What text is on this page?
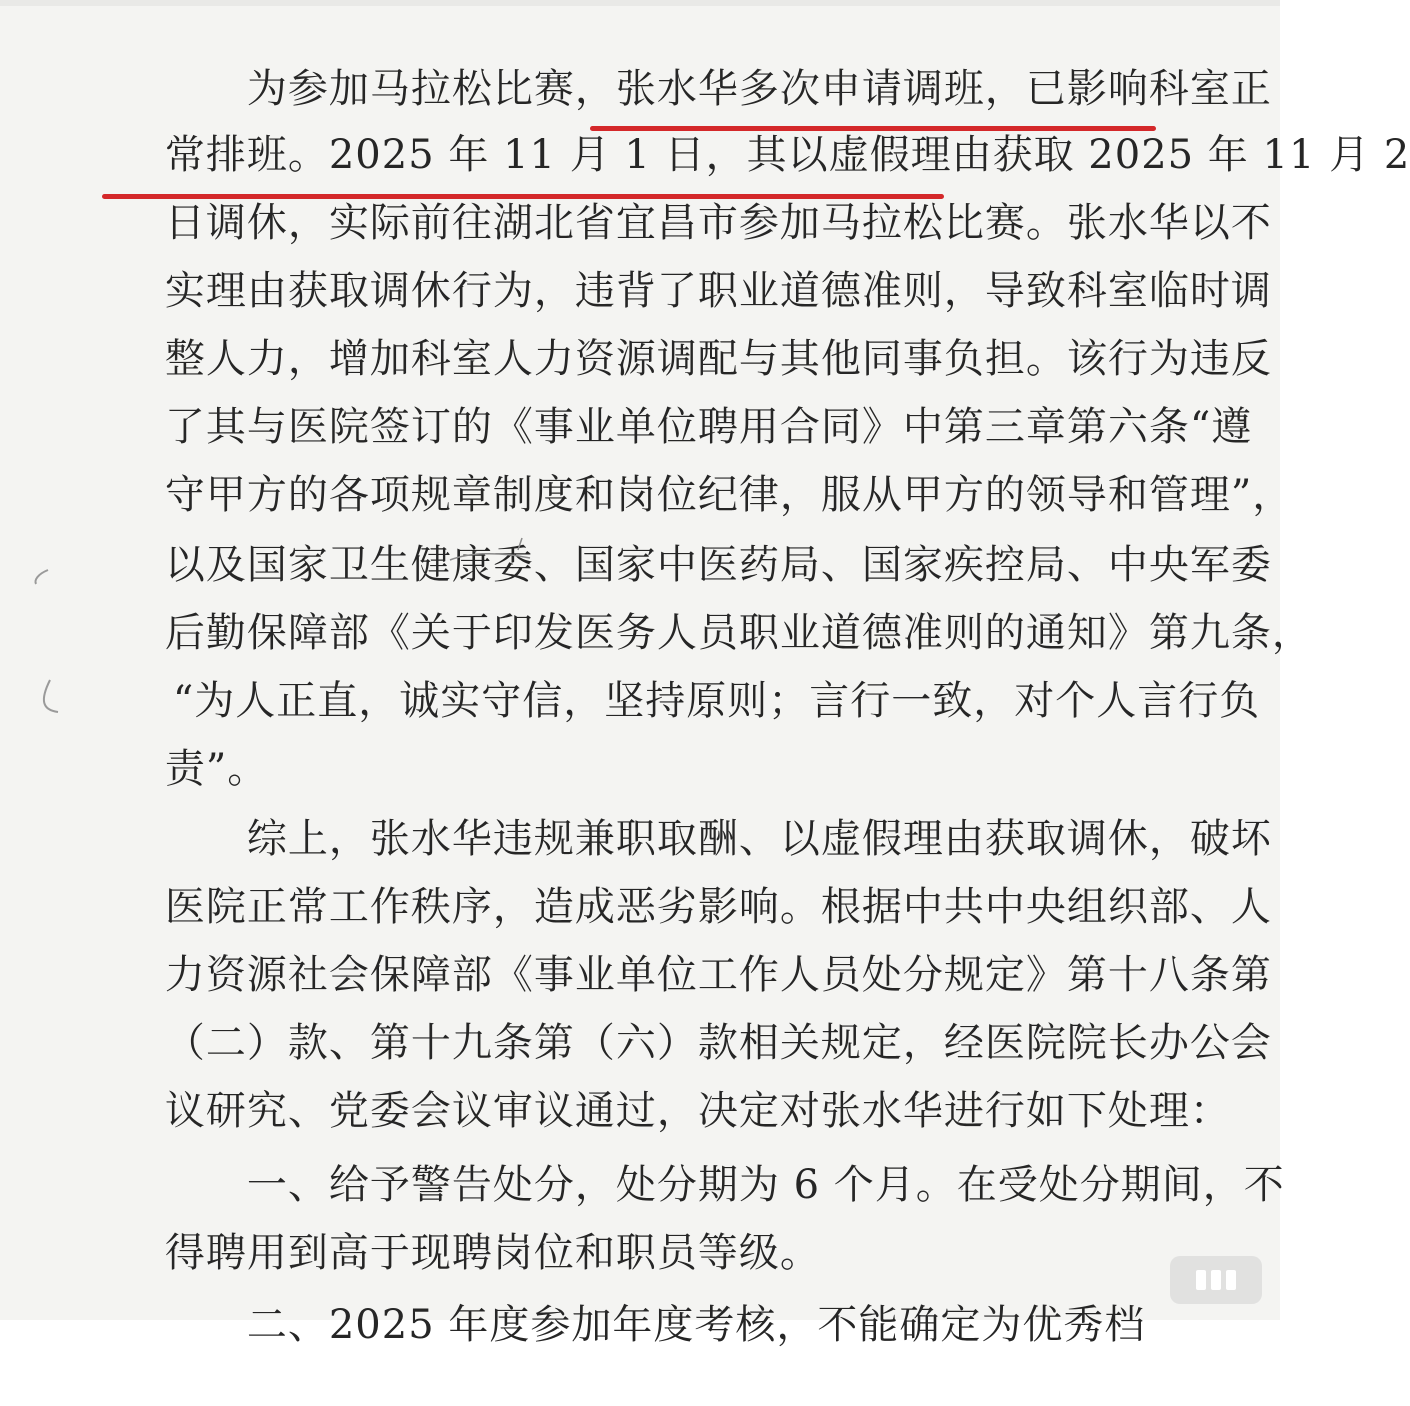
　　为参加马拉松比赛，张水华多次申请调班，已影响科室正

常排班。2025 年 11 月 1 日，其以虚假理由获取 2025 年 11 月 2

日调休，实际前往湖北省宜昌市参加马拉松比赛。张水华以不

实理由获取调休行为，违背了职业道德准则，导致科室临时调

整人力，增加科室人力资源调配与其他同事负担。该行为违反

了其与医院签订的《事业单位聘用合同》中第三章第六条“遵

守甲方的各项规章制度和岗位纪律，服从甲方的领导和管理”，

以及国家卫生健康委、国家中医药局、国家疾控局、中央军委

后勤保障部《关于印发医务人员职业道德准则的通知》第九条，

“为人正直，诚实守信，坚持原则；言行一致，对个人言行负

责”。

　　综上，张水华违规兼职取酬、以虚假理由获取调休，破坏

医院正常工作秩序，造成恶劣影响。根据中共中央组织部、人

力资源社会保障部《事业单位工作人员处分规定》第十八条第

（二）款、第十九条第（六）款相关规定，经医院院长办公会

议研究、党委会议审议通过，决定对张水华进行如下处理：

　　一、给予警告处分，处分期为 6 个月。在受处分期间，不

得聘用到高于现聘岗位和职员等级。

　　二、2025 年度参加年度考核，不能确定为优秀档
